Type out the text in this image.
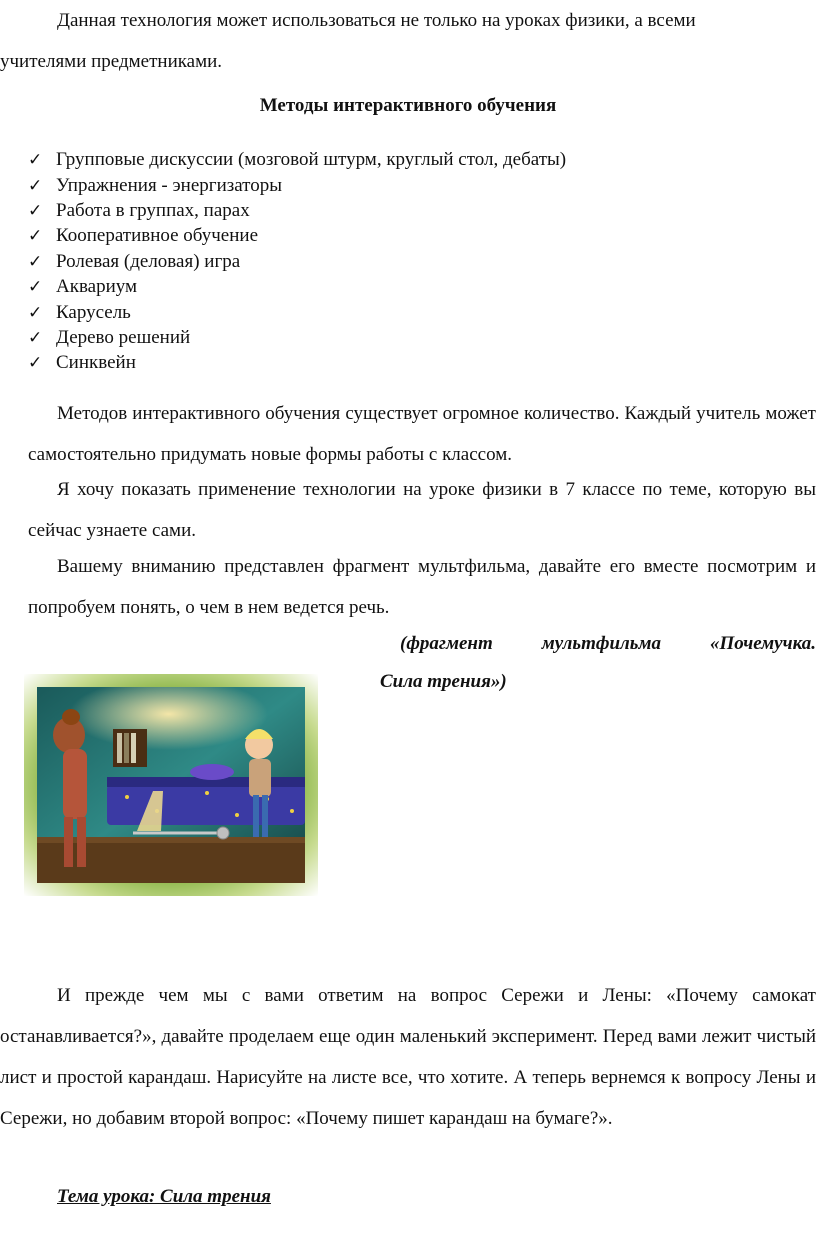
Данная технология может использоваться не только на уроках физики, а всеми
учителями предметниками.

Методы интерактивного обучения
✓ Групповые дискуссии (мозговой штурм, круглый стол, дебаты)
✓ Упражнения - энергизаторы
✓ Работа в группах, парах
✓ Кооперативное обучение
✓ Ролевая (деловая) игра
✓ Аквариум
✓ Карусель
✓ Дерево решений
✓ Синквейн

Методов интерактивного обучения существует огромное количество. Каждый учитель может самостоятельно придумать новые формы работы с классом.

Я хочу показать применение технологии на уроке физики в 7 классе по теме, которую вы сейчас узнаете сами.

Вашему вниманию представлен фрагмент мультфильма, давайте его вместе посмотрим и попробуем понять, о чем в нем ведется речь.

(фрагмент мультфильма «Почемучка.
Сила трения»)

И прежде чем мы с вами ответим на вопрос Сережи и Лены: «Почему самокат останавливается?», давайте проделаем еще один маленький эксперимент. Перед вами лежит чистый лист и простой карандаш. Нарисуйте на листе все, что хотите. А теперь вернемся к вопросу Лены и Сережи, но добавим второй вопрос: «Почему пишет карандаш на бумаге?».

Тема урока: Сила трения
